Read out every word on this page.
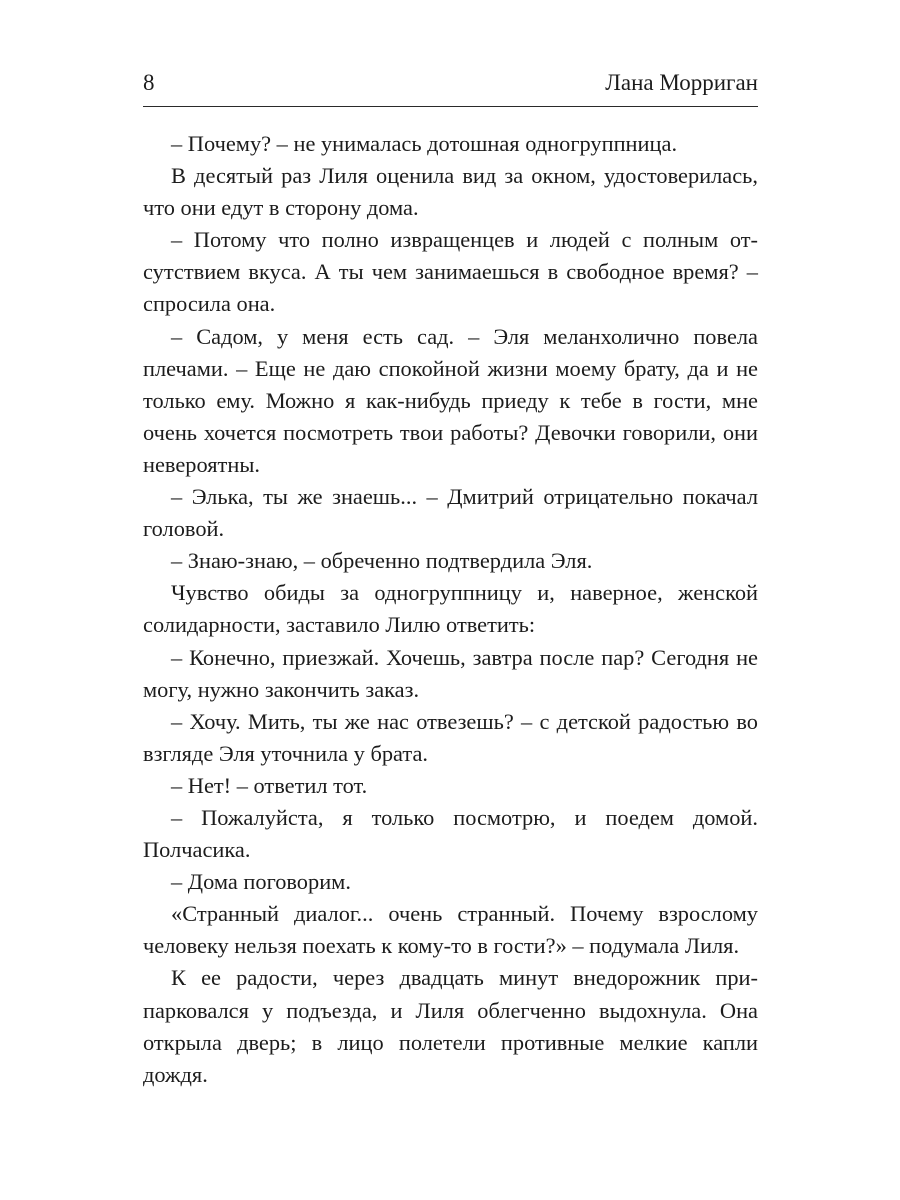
8	Лана Морриган

– Почему? – не унималась дотошная одногруппница.

В десятый раз Лиля оценила вид за окном, удостоверилась, что они едут в сторону дома.

– Потому что полно извращенцев и людей с полным отсутствием вкуса. А ты чем занимаешься в свободное время? – спросила она.

– Садом, у меня есть сад. – Эля меланхолично повела плечами. – Еще не даю спокойной жизни моему брату, да и не только ему. Можно я как-нибудь приеду к тебе в гости, мне очень хочется посмотреть твои работы? Девочки говорили, они невероятны.

– Элька, ты же знаешь... – Дмитрий отрицательно покачал головой.

– Знаю-знаю, – обреченно подтвердила Эля.

Чувство обиды за одногруппницу и, наверное, женской солидарности, заставило Лилю ответить:

– Конечно, приезжай. Хочешь, завтра после пар? Сегодня не могу, нужно закончить заказ.

– Хочу. Мить, ты же нас отвезешь? – с детской радостью во взгляде Эля уточнила у брата.

– Нет! – ответил тот.

– Пожалуйста, я только посмотрю, и поедем домой. Полчасика.

– Дома поговорим.

«Странный диалог... очень странный. Почему взрослому человеку нельзя поехать к кому-то в гости?» – подумала Лиля.

К ее радости, через двадцать минут внедорожник припарковался у подъезда, и Лиля облегченно выдохнула. Она открыла дверь; в лицо полетели противные мелкие капли дождя.
